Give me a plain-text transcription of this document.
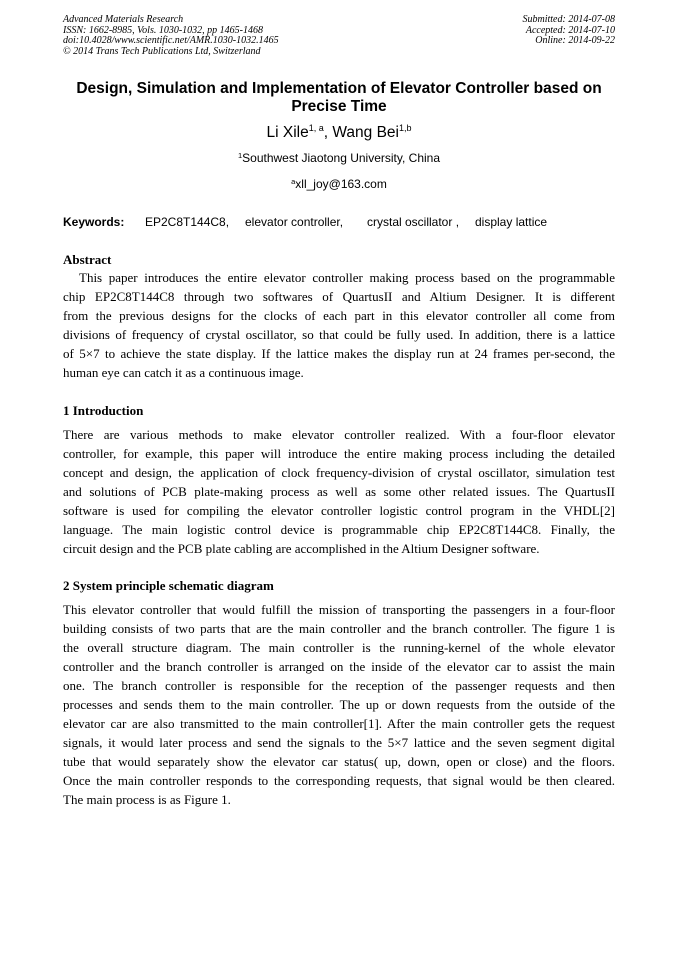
Advanced Materials Research
ISSN: 1662-8985, Vols. 1030-1032, pp 1465-1468
doi:10.4028/www.scientific.net/AMR.1030-1032.1465
© 2014 Trans Tech Publications Ltd, Switzerland
Submitted: 2014-07-08
Accepted: 2014-07-10
Online: 2014-09-22
Design, Simulation and Implementation of Elevator Controller based on
Precise Time
Li Xile$^{1, a}$, Wang Bei$^{1,b}$
$^1$Southwest Jiaotong University, China
$^a$xll_joy@163.com
Keywords: EP2C8T144C8, elevator controller, crystal oscillator , display lattice
Abstract
This paper introduces the entire elevator controller making process based on the programmable
chip EP2C8T144C8 through two softwares of QuartusII and Altium Designer. It is different
from the previous designs for the clocks of each part in this elevator controller all come from
divisions of frequency of crystal oscillator, so that could be fully used. In addition, there is a lattice
of 5×7 to achieve the state display. If the lattice makes the display run at 24 frames per-second, the
human eye can catch it as a continuous image.
1 Introduction
There are various methods to make elevator controller realized. With a four-floor elevator
controller, for example, this paper will introduce the entire making process including the detailed
concept and design, the application of clock frequency-division of crystal oscillator, simulation test
and solutions of PCB plate-making process as well as some other related issues. The QuartusII
software is used for compiling the elevator controller logistic control program in the VHDL[2]
language. The main logistic control device is programmable chip EP2C8T144C8. Finally, the
circuit design and the PCB plate cabling are accomplished in the Altium Designer software.
2 System principle schematic diagram
This elevator controller that would fulfill the mission of transporting the passengers in a four-floor
building consists of two parts that are the main controller and the branch controller. The figure 1 is
the overall structure diagram. The main controller is the running-kernel of the whole elevator
controller and the branch controller is arranged on the inside of the elevator car to assist the main
one. The branch controller is responsible for the reception of the passenger requests and then
processes and sends them to the main controller. The up or down requests from the outside of the
elevator car are also transmitted to the main controller[1]. After the main controller gets the request
signals, it would later process and send the signals to the 5×7 lattice and the seven segment digital
tube that would separately show the elevator car status( up, down, open or close) and the floors.
Once the main controller responds to the corresponding requests, that signal would be then cleared.
The main process is as Figure 1.
